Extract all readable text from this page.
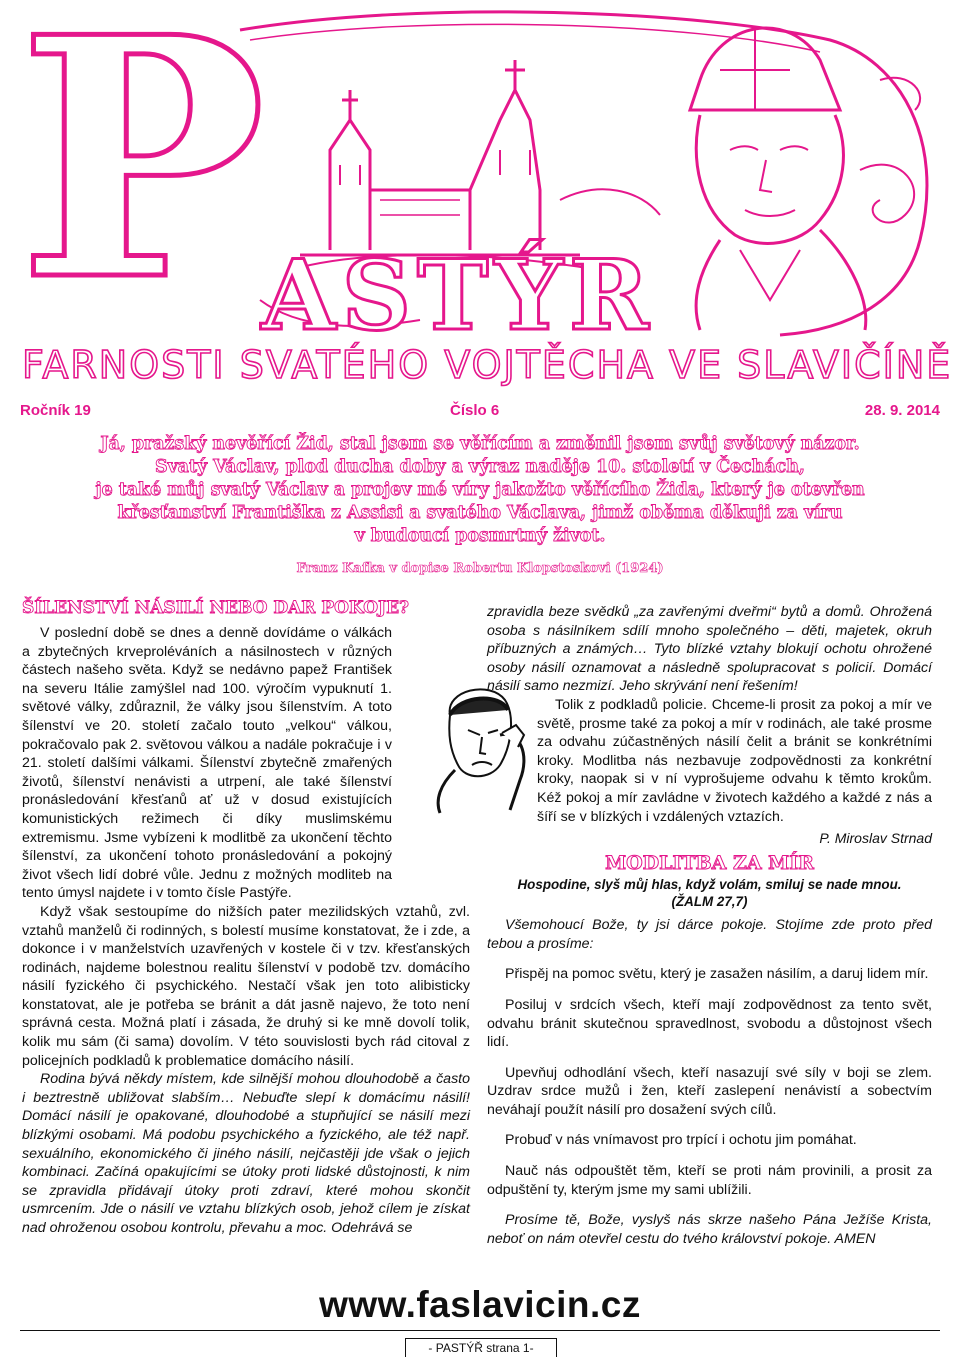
P
ASTÝR
FARNOSTI SVATÉHO VOJTĚCHA VE SLAVIČÍNĚ
Ročník 19	Číslo 6	28. 9. 2014
Já, pražský nevěřící Žid, stal jsem se věřícím a změnil jsem svůj světový názor.
Svatý Václav, plod ducha doby a výraz naděje 10. století v Čechách,
je také můj svatý Václav a projev mé víry jakožto věřícího Žida, který je otevřen
křesťanství Františka z Assisi a svatého Václava, jimž oběma děkuji za víru
v budoucí posmrtný život.
Franz Kafka v dopise Robertu Klopstoskovi (1924)
ŠÍLENSTVÍ NÁSILÍ NEBO DAR POKOJE?

V poslední době se dnes a denně dovídáme o válkách a zbytečných krveproléváních a násilnostech v různých částech našeho světa. Když se nedávno papež František na severu Itálie zamýšlel nad 100. výročím vypuknutí 1. světové války, zdůraznil, že války jsou šílenstvím. A toto šílenství ve 20. století začalo touto „velkou“ válkou, pokračovalo pak 2. světovou válkou a nadále pokračuje i v 21. století dalšími válkami. Šílenství zbytečně zmařených životů, šílenství nenávisti a utrpení, ale také šílenství pronásledování křesťanů ať už v dosud existujících komunistických režimech či díky muslimskému extremismu. Jsme vybízeni k modlitbě za ukončení těchto šílenství, za ukončení tohoto pronásledování a pokojný život všech lidí dobré vůle. Jednu z možných modliteb na tento úmysl najdete i v tomto čísle Pastýře.

Když však sestoupíme do nižších pater mezilidských vztahů, zvl. vztahů manželů či rodinných, s bolestí musíme konstatovat, že i zde, a dokonce i v manželstvích uzavřených v kostele či v tzv. křesťanských rodinách, najdeme bolestnou realitu šílenství v podobě tzv. domácího násilí fyzického či psychického. Nestačí však jen toto alibisticky konstatovat, ale je potřeba se bránit a dát jasně najevo, že toto není správná cesta. Možná platí i zásada, že druhý si ke mně dovolí tolik, kolik mu sám (či sama) dovolím. V této souvislosti bych rád citoval z policejních podkladů k problematice domácího násilí.

Rodina bývá někdy místem, kde silnější mohou dlouhodobě a často i beztrestně ubližovat slabším… Nebuďte slepí k domácímu násilí! Domácí násilí je opakované, dlouhodobé a stupňující se násilí mezi blízkými osobami. Má podobu psychického a fyzického, ale též např. sexuálního, ekonomického či jiného násilí, nejčastěji jde však o jejich kombinaci. Začíná opakujícími se útoky proti lidské důstojnosti, k nim se zpravidla přidávají útoky proti zdraví, které mohou skončit usmrcením. Jde o násilí ve vztahu blízkých osob, jehož cílem je získat nad ohroženou osobou kontrolu, převahu a moc. Odehrává se

zpravidla beze svědků „za zavřenými dveřmi“ bytů a domů. Ohrožená osoba s násilníkem sdílí mnoho společného – děti, majetek, okruh příbuzných a známých… Tyto blízké vztahy blokují ochotu ohrožené osoby násilí oznamovat a následně spolupracovat s policií. Domácí násilí samo nezmizí. Jeho skrývání není řešením!

Tolik z podkladů policie. Chceme-li prosit za pokoj a mír ve světě, prosme také za pokoj a mír v rodinách, ale také prosme za odvahu zúčastněných násilí čelit a bránit se konkrétními kroky. Modlitba nás nezbavuje zodpovědnosti za konkrétní kroky, naopak si v ní vyprošujeme odvahu k těmto krokům. Kéž pokoj a mír zavládne v životech každého a každé z nás a šíří se v blízkých i vzdálených vztazích.

P. Miroslav Strnad
MODLITBA ZA MÍR

Hospodine, slyš můj hlas, když volám, smiluj se nade mnou.

(ŽALM 27,7)

Všemohoucí Bože, ty jsi dárce pokoje. Stojíme zde proto před tebou a prosíme:

Přispěj na pomoc světu, který je zasažen násilím, a daruj lidem mír.

Posiluj v srdcích všech, kteří mají zodpovědnost za tento svět, odvahu bránit skutečnou spravedlnost, svobodu a důstojnost všech lidí.

Upevňuj odhodlání všech, kteří nasazují své síly v boji se zlem. Uzdrav srdce mužů i žen, kteří zaslepení nenávistí a sobectvím neváhají použít násilí pro dosažení svých cílů.

Probuď v nás vnímavost pro trpící i ochotu jim pomáhat.

Nauč nás odpouštět těm, kteří se proti nám provinili, a prosit za odpuštění ty, kterým jsme my sami ublížili.

Prosíme tě, Bože, vyslyš nás skrze našeho Pána Ježíše Krista, neboť on nám otevřel cestu do tvého království pokoje. AMEN

www.faslavicin.cz
- PASTÝŘ strana 1-
